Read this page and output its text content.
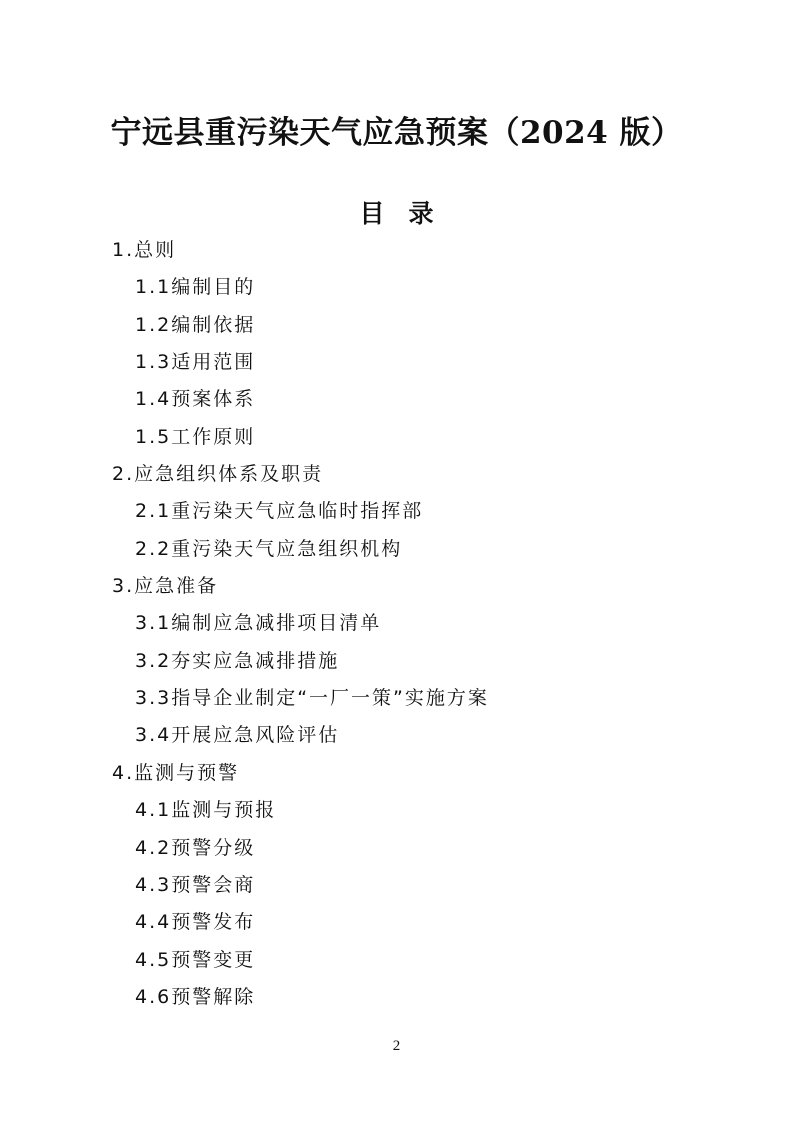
宁远县重污染天气应急预案（2024 版）
目录
1.总则
1.1编制目的
1.2编制依据
1.3适用范围
1.4预案体系
1.5工作原则
2.应急组织体系及职责
2.1重污染天气应急临时指挥部
2.2重污染天气应急组织机构
3.应急准备
3.1编制应急减排项目清单
3.2夯实应急减排措施
3.3指导企业制定“一厂一策”实施方案
3.4开展应急风险评估
4.监测与预警
4.1监测与预报
4.2预警分级
4.3预警会商
4.4预警发布
4.5预警变更
4.6预警解除
2
